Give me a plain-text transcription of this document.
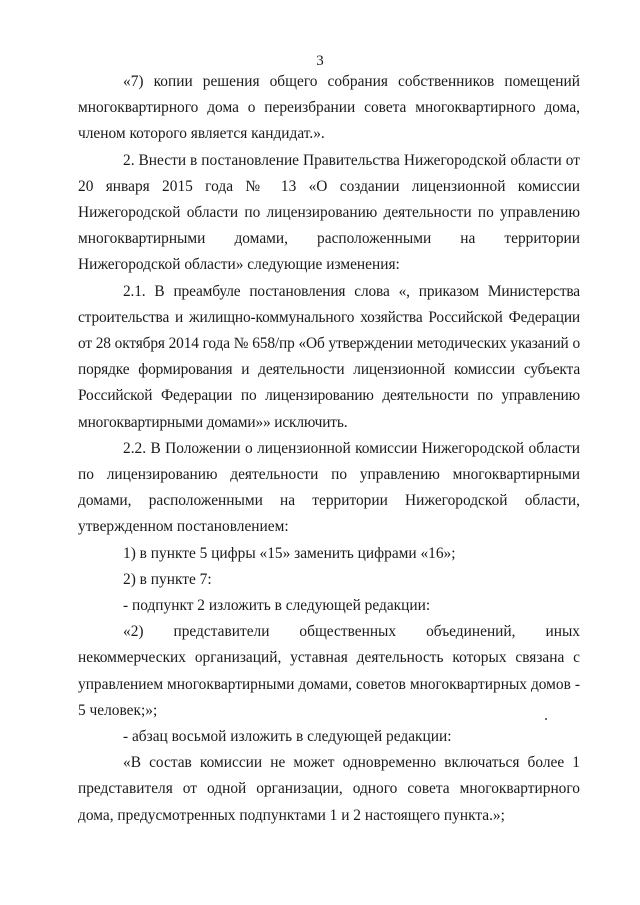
3

«7) копии решения общего собрания собственников помещений многоквартирного дома о переизбрании совета многоквартирного дома, членом которого является кандидат.».

2. Внести в постановление Правительства Нижегородской области от 20 января 2015 года № 13 «О создании лицензионной комиссии Нижегородской области по лицензированию деятельности по управлению многоквартирными домами, расположенными на территории Нижегородской области» следующие изменения:

2.1. В преамбуле постановления слова «, приказом Министерства строительства и жилищно-коммунального хозяйства Российской Федерации от 28 октября 2014 года № 658/пр «Об утверждении методических указаний о порядке формирования и деятельности лицензионной комиссии субъекта Российской Федерации по лицензированию деятельности по управлению многоквартирными домами»» исключить.

2.2. В Положении о лицензионной комиссии Нижегородской области по лицензированию деятельности по управлению многоквартирными домами, расположенными на территории Нижегородской области, утвержденном постановлением:

1) в пункте 5 цифры «15» заменить цифрами «16»;

2) в пункте 7:

- подпункт 2 изложить в следующей редакции:

«2) представители общественных объединений, иных некоммерческих организаций, уставная деятельность которых связана с управлением многоквартирными домами, советов многоквартирных домов - 5 человек;»;

- абзац восьмой изложить в следующей редакции:

«В состав комиссии не может одновременно включаться более 1 представителя от одной организации, одного совета многоквартирного дома, предусмотренных подпунктами 1 и 2 настоящего пункта.»;
